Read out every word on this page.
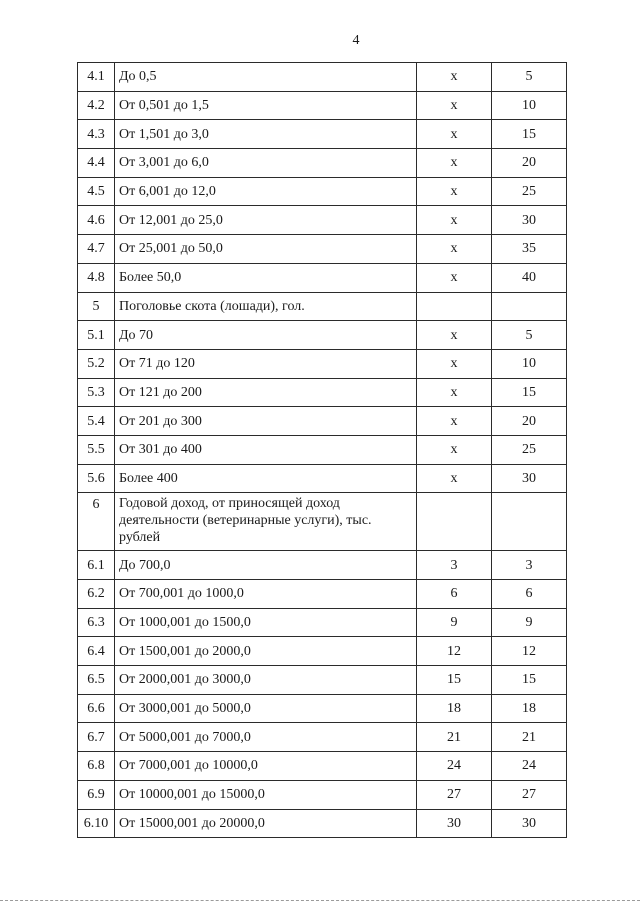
4
4.1	До 0,5	х	5
4.2	От 0,501 до 1,5	х	10
4.3	От 1,501 до 3,0	х	15
4.4	От 3,001 до 6,0	х	20
4.5	От 6,001 до 12,0	х	25
4.6	От 12,001 до 25,0	х	30
4.7	От 25,001 до 50,0	х	35
4.8	Более 50,0	х	40
5	Поголовье скота (лошади), гол.		
5.1	До 70	х	5
5.2	От 71 до 120	х	10
5.3	От 121 до 200	х	15
5.4	От 201 до 300	х	20
5.5	От 301 до 400	х	25
5.6	Более 400	х	30
6	Годовой доход, от приносящей доход деятельности (ветеринарные услуги), тыс. рублей		
6.1	До 700,0	3	3
6.2	От 700,001 до 1000,0	6	6
6.3	От 1000,001 до 1500,0	9	9
6.4	От 1500,001 до 2000,0	12	12
6.5	От 2000,001 до 3000,0	15	15
6.6	От 3000,001 до 5000,0	18	18
6.7	От 5000,001 до 7000,0	21	21
6.8	От 7000,001 до 10000,0	24	24
6.9	От 10000,001 до 15000,0	27	27
6.10	От 15000,001 до 20000,0	30	30
